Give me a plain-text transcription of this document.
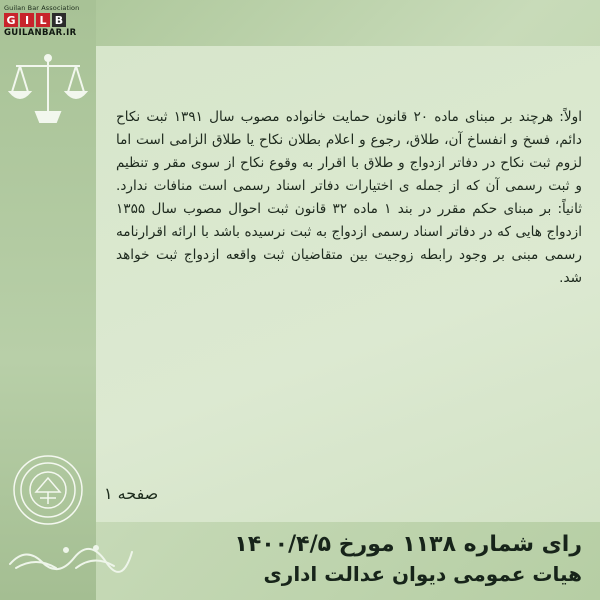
Guilan Bar Association
G I L B
GUILANBAR.IR
اولاً: هرچند بر مبنای ماده ۲۰ قانون حمایت خانواده مصوب سال ۱۳۹۱ ثبت نکاح دائم، فسخ و انفساخ آن، طلاق، رجوع و اعلام بطلان نکاح یا طلاق الزامی است اما لزوم ثبت نکاح در دفاتر ازدواج و طلاق با اقرار به وقوع نکاح از سوی مقر و تنظیم و ثبت رسمی آن که از جمله ی اختیارات دفاتر اسناد رسمی است منافات ندارد. ثانیاً: بر مبنای حکم مقرر در بند ۱ ماده ۳۲ قانون ثبت احوال مصوب سال ۱۳۵۵ ازدواج هایی که در دفاتر اسناد رسمی ازدواج به ثبت نرسیده باشد با ارائه اقرارنامه رسمی مبنی بر وجود رابطه زوجیت بین متقاضیان ثبت واقعه ازدواج ثبت خواهد شد.
صفحه ۱
رای شماره ۱۱۳۸ مورخ ۱۴۰۰/۴/۵
هیات عمومی دیوان عدالت اداری
